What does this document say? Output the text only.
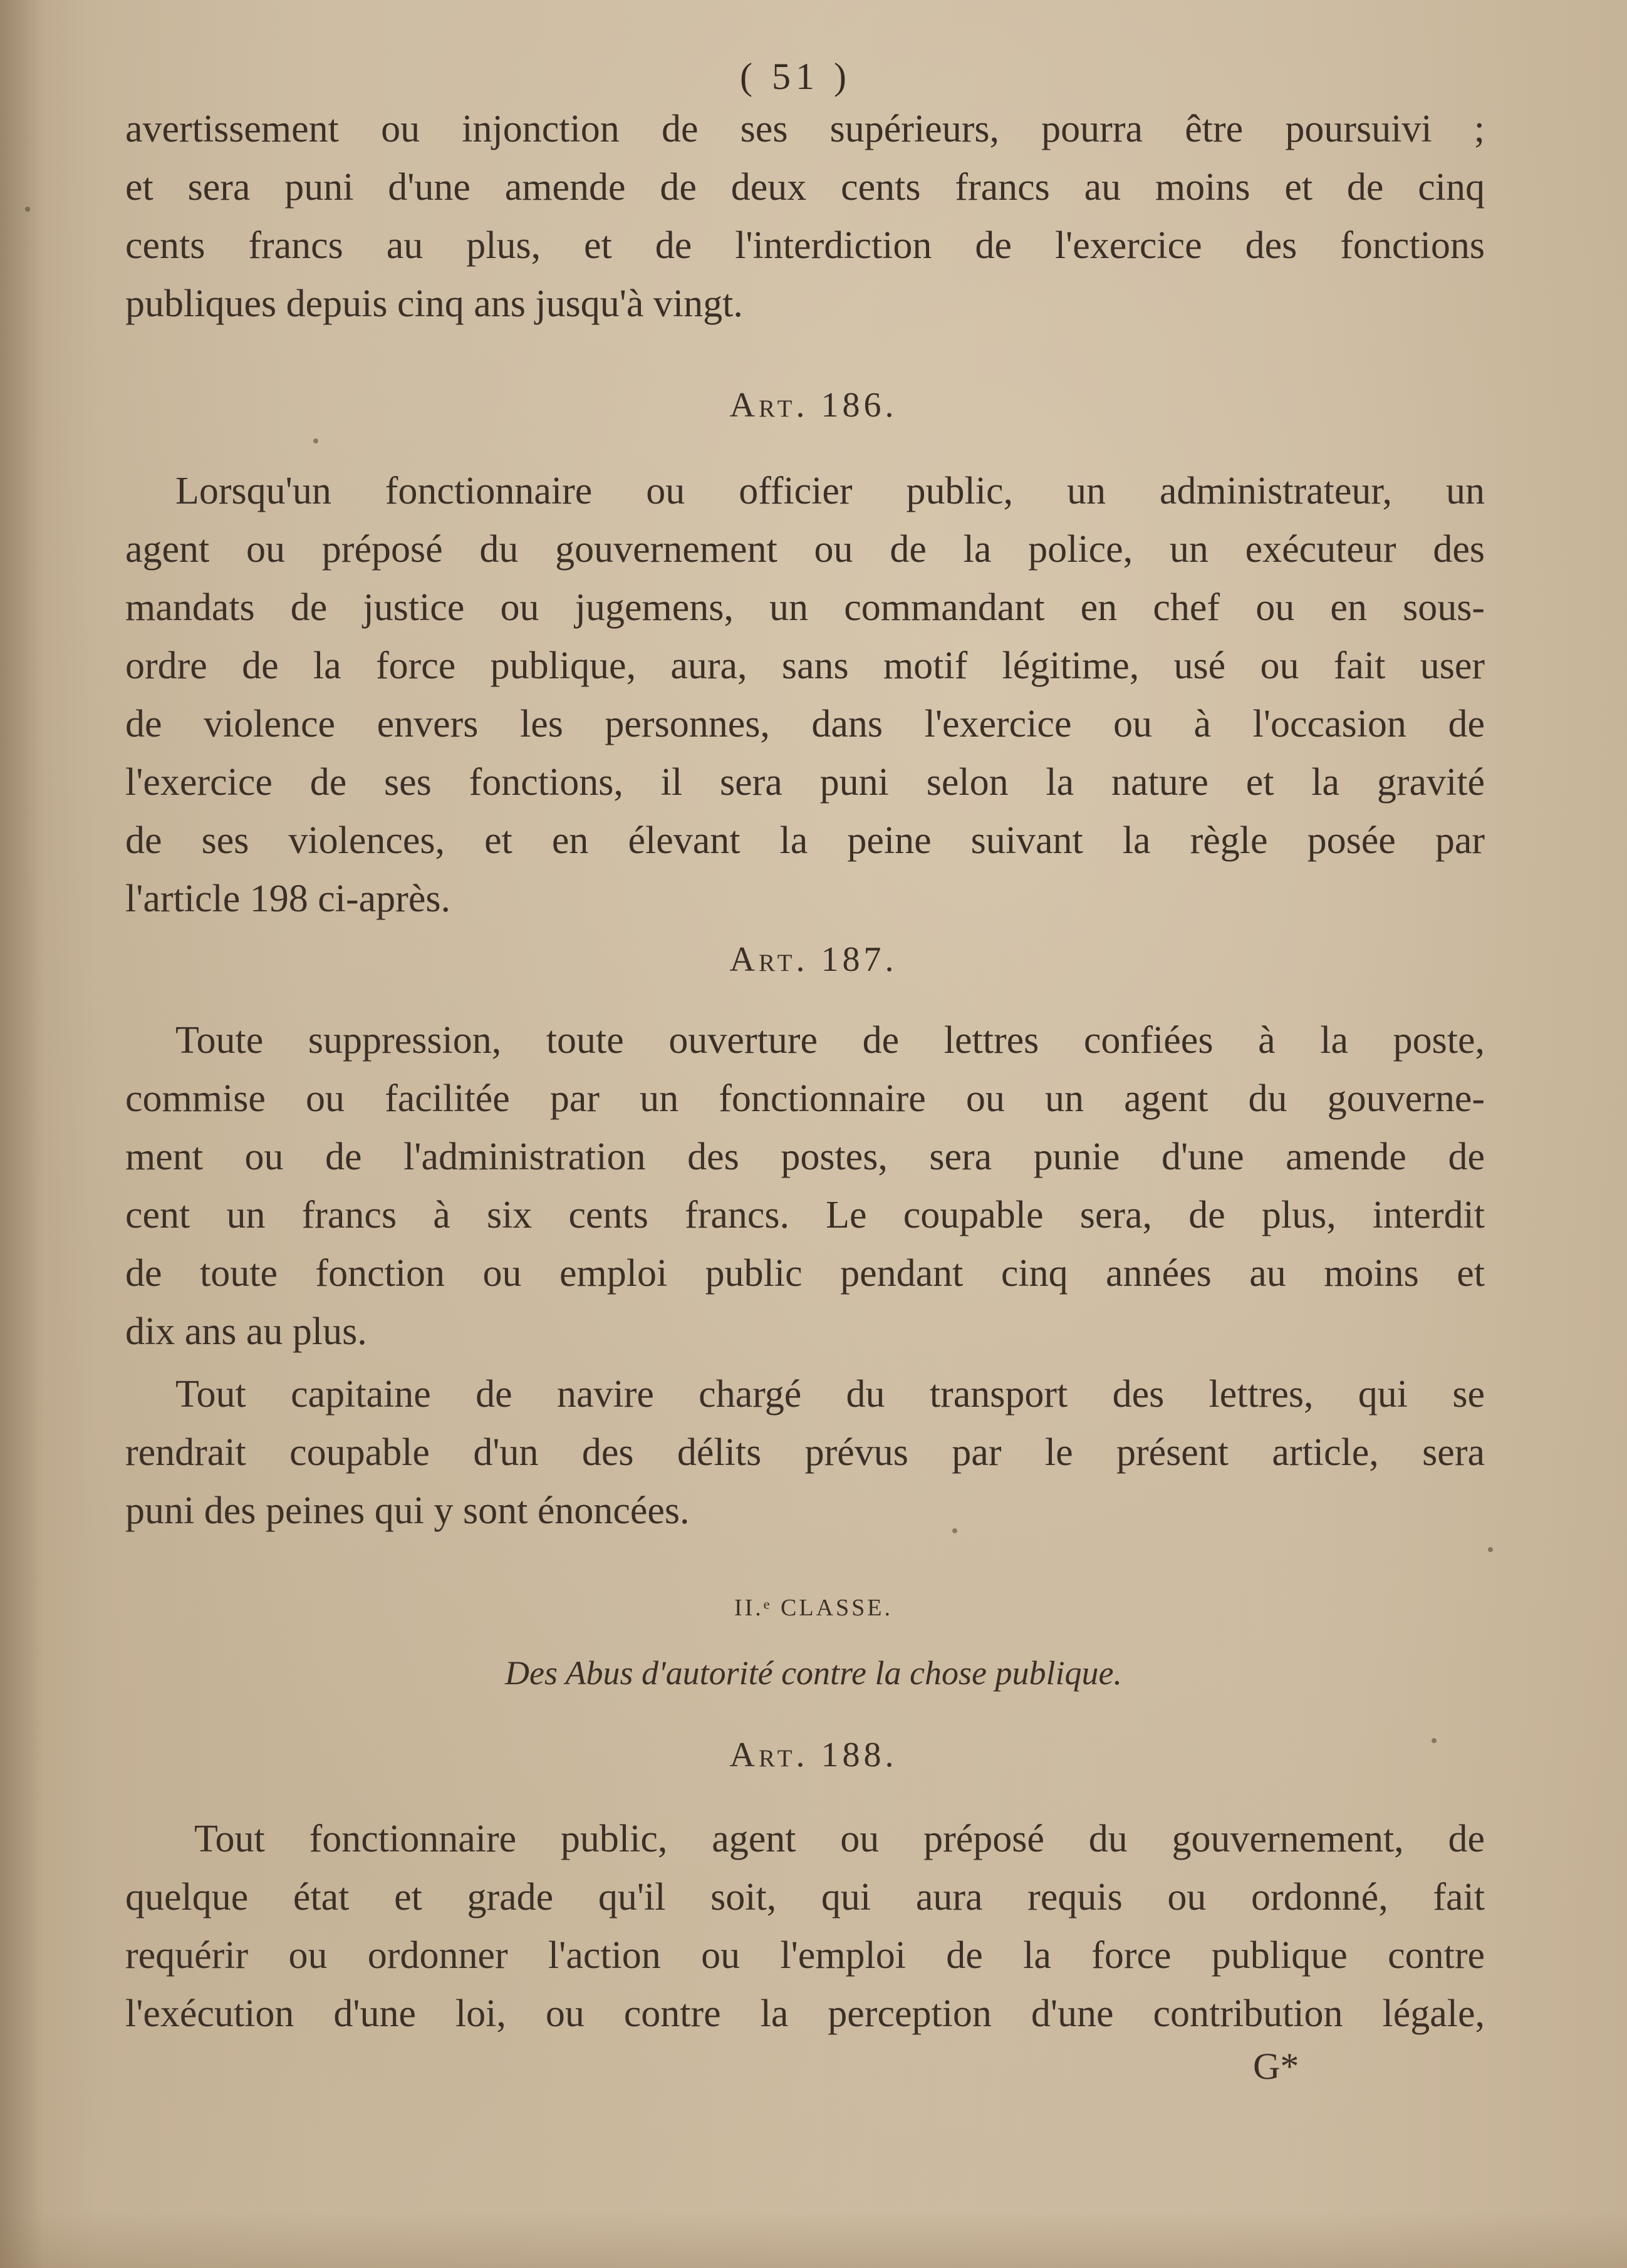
( 51 )
avertissement ou injonction de ses supérieurs, pourra être poursuivi ;
et sera puni d'une amende de deux cents francs au moins et de cinq
cents francs au plus, et de l'interdiction de l'exercice des fonctions
publiques depuis cinq ans jusqu'à vingt.
Art. 186.
Lorsqu'un fonctionnaire ou officier public, un administrateur, un
agent ou préposé du gouvernement ou de la police, un exécuteur des
mandats de justice ou jugemens, un commandant en chef ou en sous-
ordre de la force publique, aura, sans motif légitime, usé ou fait user
de violence envers les personnes, dans l'exercice ou à l'occasion de
l'exercice de ses fonctions, il sera puni selon la nature et la gravité
de ses violences, et en élevant la peine suivant la règle posée par
l'article 198 ci-après.
Art. 187.
Toute suppression, toute ouverture de lettres confiées à la poste,
commise ou facilitée par un fonctionnaire ou un agent du gouverne-
ment ou de l'administration des postes, sera punie d'une amende de
cent un francs à six cents francs. Le coupable sera, de plus, interdit
de toute fonction ou emploi public pendant cinq années au moins et
dix ans au plus.
Tout capitaine de navire chargé du transport des lettres, qui se
rendrait coupable d'un des délits prévus par le présent article, sera
puni des peines qui y sont énoncées.
II.ᵉ CLASSE.
Des Abus d'autorité contre la chose publique.
Art. 188.
Tout fonctionnaire public, agent ou préposé du gouvernement, de
quelque état et grade qu'il soit, qui aura requis ou ordonné, fait
requérir ou ordonner l'action ou l'emploi de la force publique contre
l'exécution d'une loi, ou contre la perception d'une contribution légale,
G*
